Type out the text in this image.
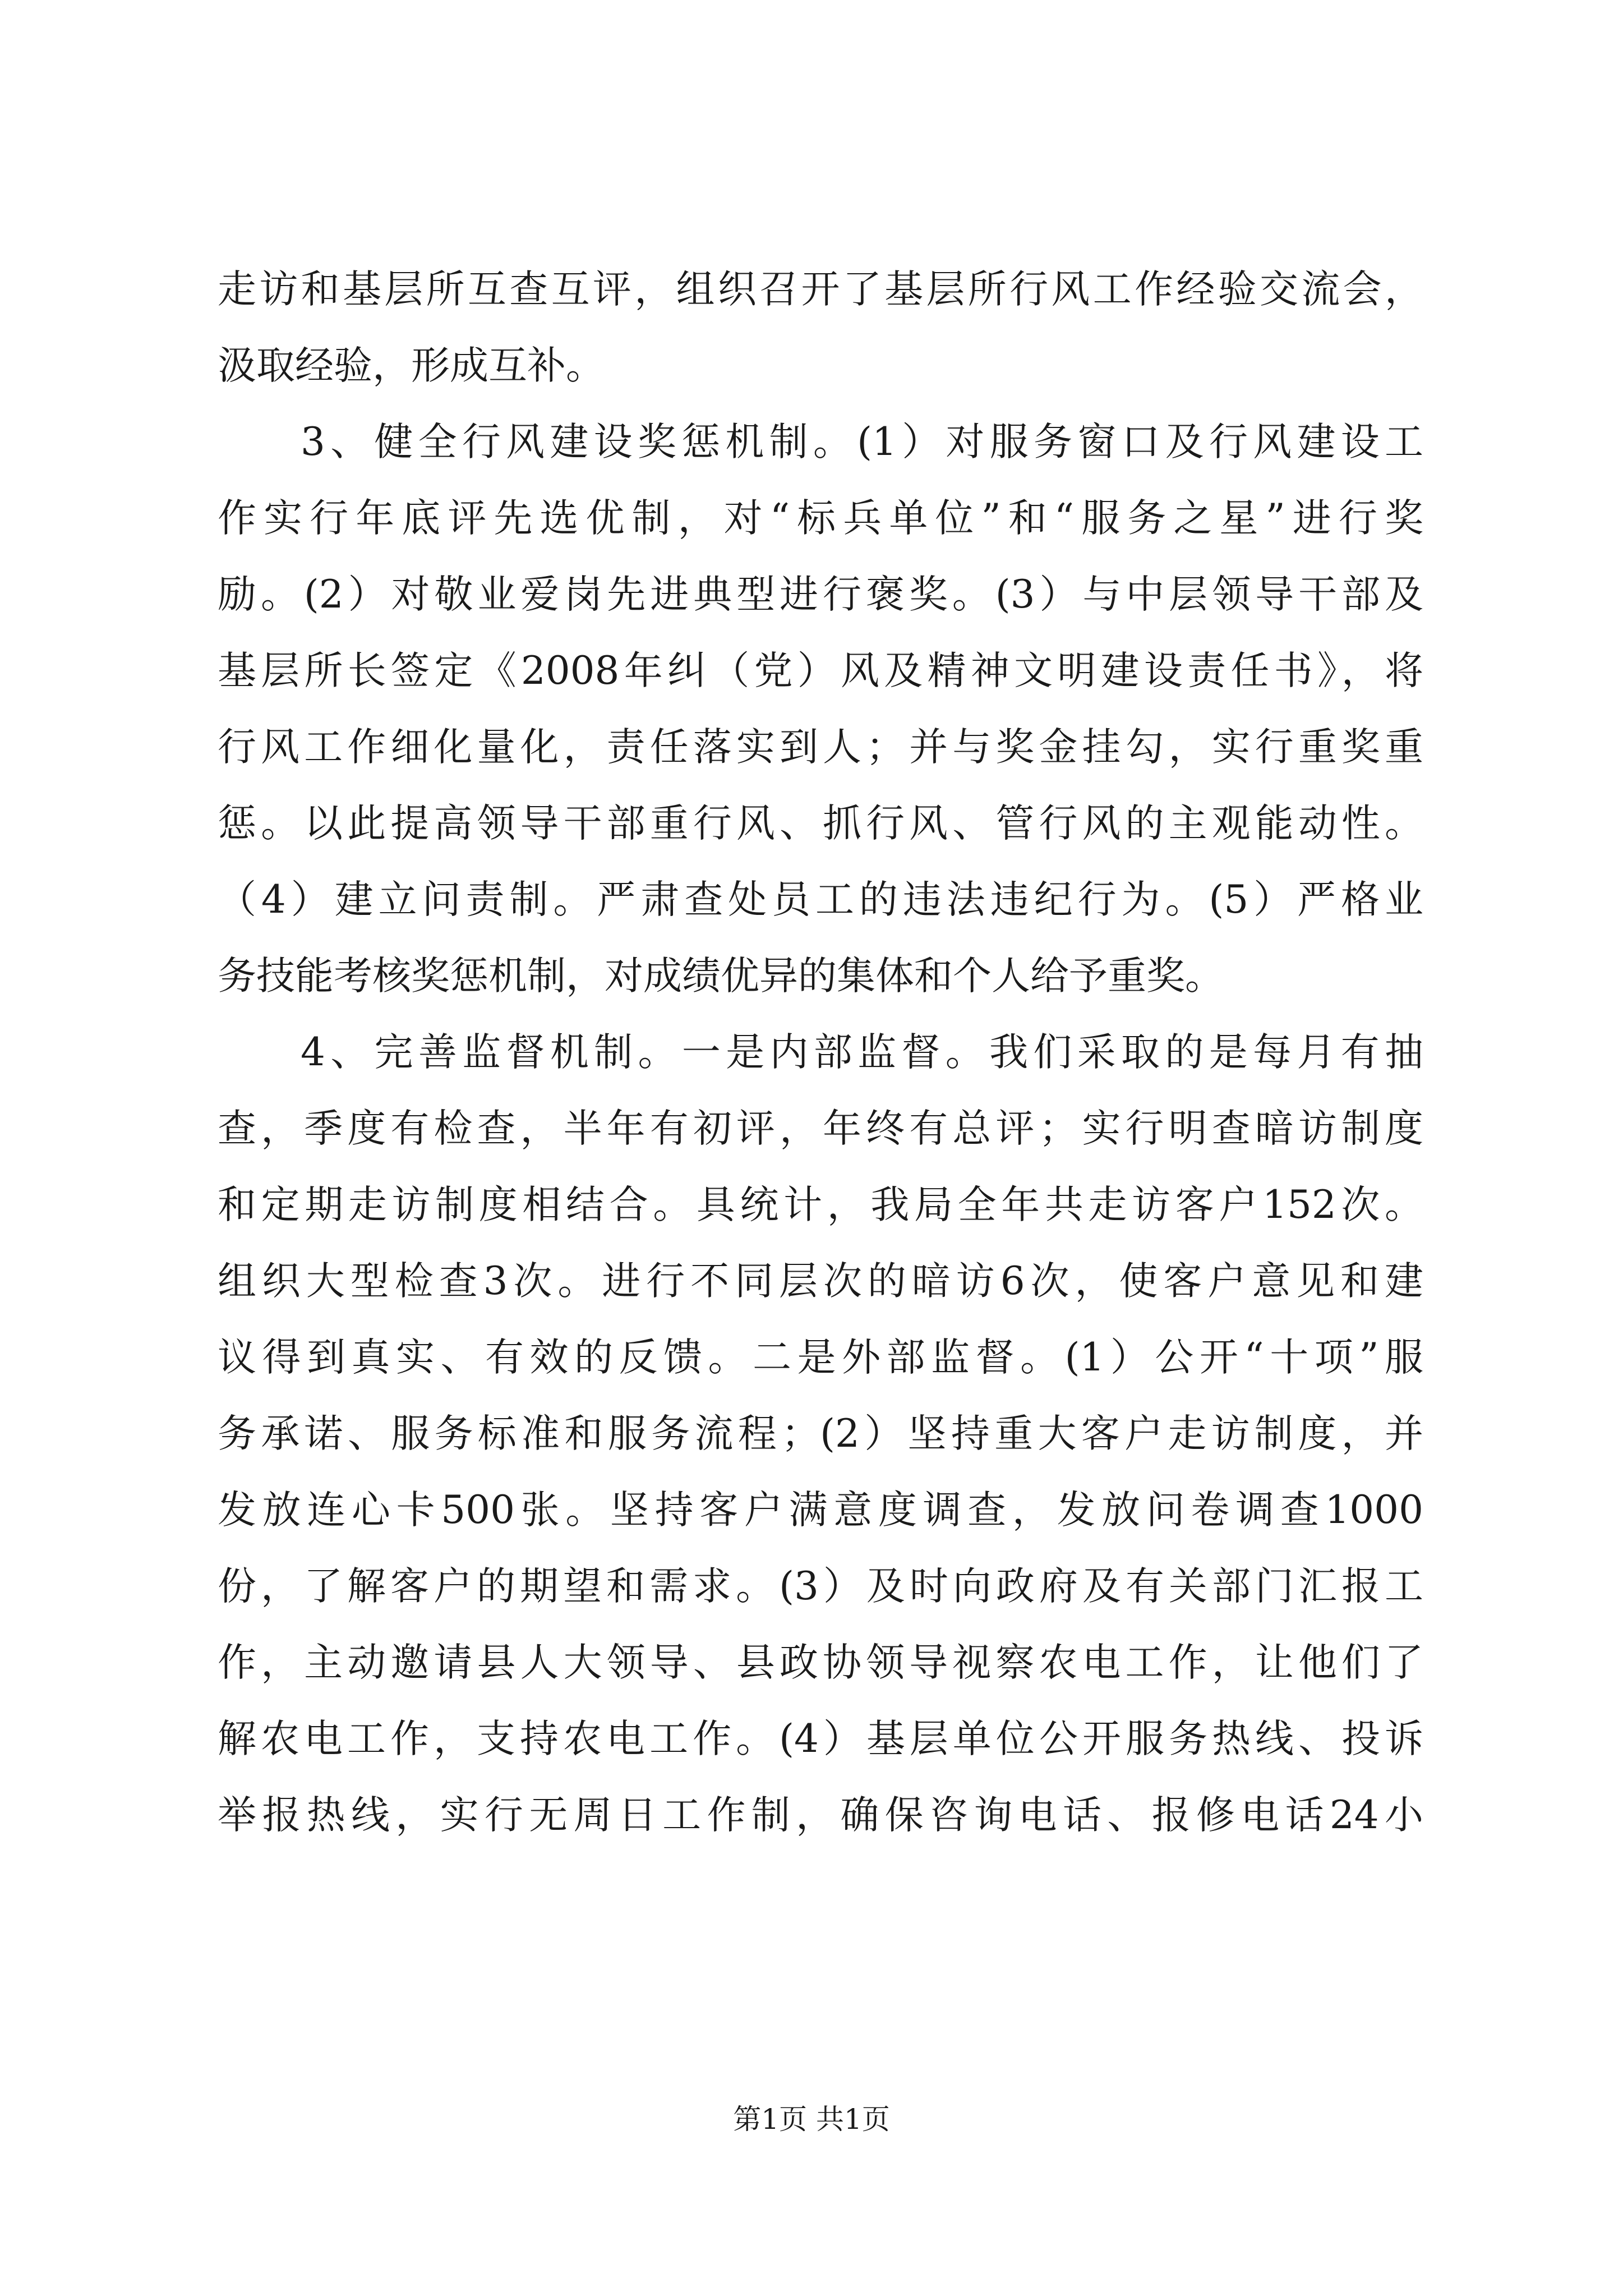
走访和基层所互查互评，组织召开了基层所行风工作经验交流会，
汲取经验，形成互补。
3、健全行风建设奖惩机制。(1）对服务窗口及行风建设工
作实行年底评先选优制，对“标兵单位”和“服务之星”进行奖
励。(2）对敬业爱岗先进典型进行褒奖。(3）与中层领导干部及
基层所长签定《2008年纠（党）风及精神文明建设责任书》，将
行风工作细化量化，责任落实到人；并与奖金挂勾，实行重奖重
惩。以此提高领导干部重行风、抓行风、管行风的主观能动性。
（4）建立问责制。严肃查处员工的违法违纪行为。(5）严格业
务技能考核奖惩机制，对成绩优异的集体和个人给予重奖。
4、完善监督机制。一是内部监督。我们采取的是每月有抽
查，季度有检查，半年有初评，年终有总评；实行明查暗访制度
和定期走访制度相结合。具统计，我局全年共走访客户152次。
组织大型检查3次。进行不同层次的暗访6次，使客户意见和建
议得到真实、有效的反馈。二是外部监督。(1）公开“十项”服
务承诺、服务标准和服务流程；(2）坚持重大客户走访制度，并
发放连心卡500张。坚持客户满意度调查，发放问卷调查1000
份，了解客户的期望和需求。(3）及时向政府及有关部门汇报工
作，主动邀请县人大领导、县政协领导视察农电工作，让他们了
解农电工作，支持农电工作。(4）基层单位公开服务热线、投诉
举报热线，实行无周日工作制，确保咨询电话、报修电话24小
第1页 共1页
